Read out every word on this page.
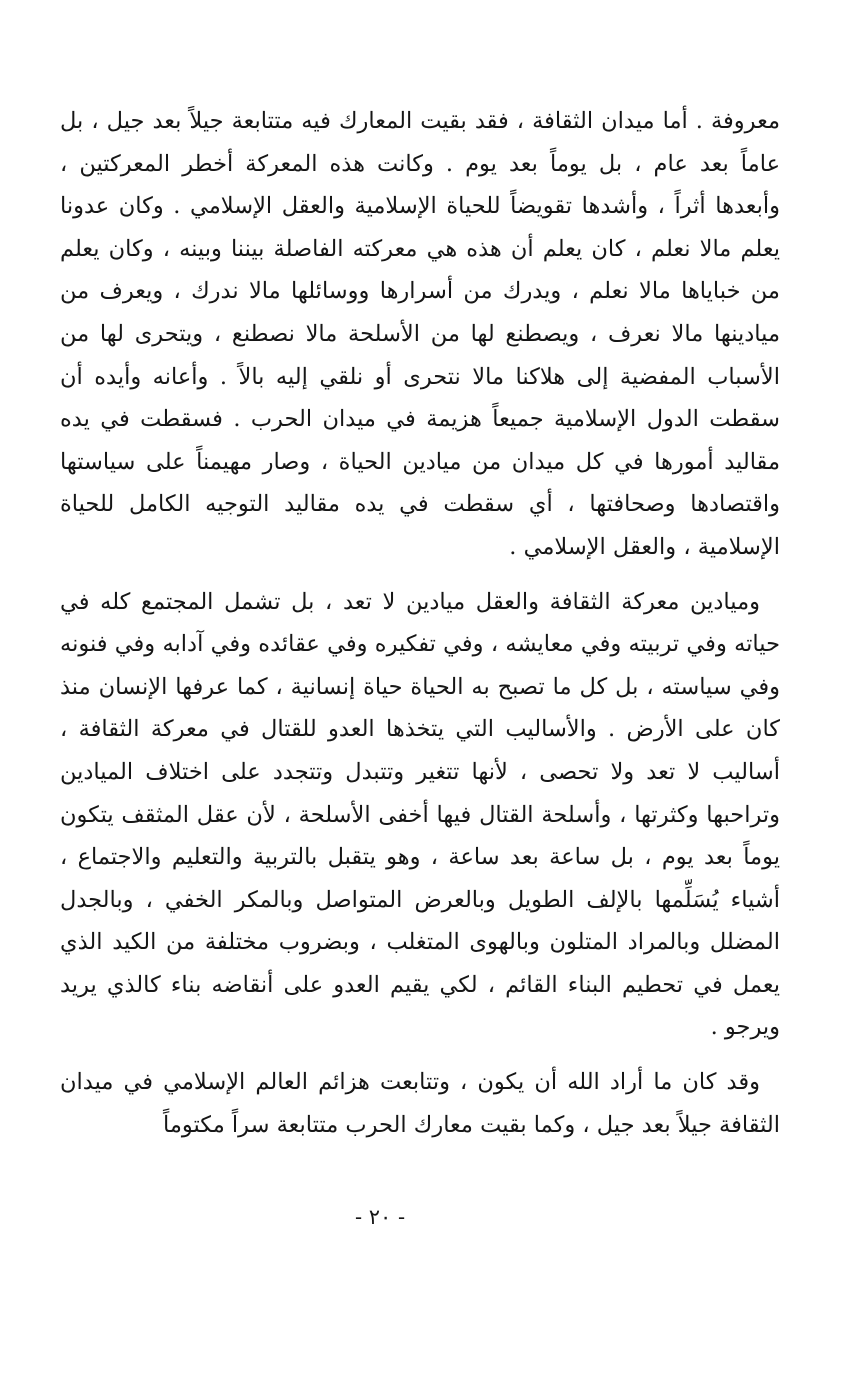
معروفة . أما ميدان الثقافة ، فقد بقيت المعارك فيه متتابعة جيلاً بعد جيل ، بل عاماً بعد عام ، بل يوماً بعد يوم . وكانت هذه المعركة أخطر المعركتين ، وأبعدها أثراً ، وأشدها تقويضاً للحياة الإسلامية والعقل الإسلامي . وكان عدونا يعلم مالا نعلم ، كان يعلم أن هذه هي معركته الفاصلة بيننا وبينه ، وكان يعلم من خباياها مالا نعلم ، ويدرك من أسرارها ووسائلها مالا ندرك ، ويعرف من ميادينها مالا نعرف ، ويصطنع لها من الأسلحة مالا نصطنع ، ويتحرى لها من الأسباب المفضية إلى هلاكنا مالا نتحرى أو نلقي إليه بالاً . وأعانه وأيده أن سقطت الدول الإسلامية جميعاً هزيمة في ميدان الحرب . فسقطت في يده مقاليد أمورها في كل ميدان من ميادين الحياة ، وصار مهيمناً على سياستها واقتصادها وصحافتها ، أي سقطت في يده مقاليد التوجيه الكامل للحياة الإسلامية ، والعقل الإسلامي .

وميادين معركة الثقافة والعقل ميادين لا تعد ، بل تشمل المجتمع كله في حياته وفي تربيته وفي معايشه ، وفي تفكيره وفي عقائده وفي آدابه وفي فنونه وفي سياسته ، بل كل ما تصبح به الحياة حياة إنسانية ، كما عرفها الإنسان منذ كان على الأرض . والأساليب التي يتخذها العدو للقتال في معركة الثقافة ، أساليب لا تعد ولا تحصى ، لأنها تتغير وتتبدل وتتجدد على اختلاف الميادين وتراحبها وكثرتها ، وأسلحة القتال فيها أخفى الأسلحة ، لأن عقل المثقف يتكون يوماً بعد يوم ، بل ساعة بعد ساعة ، وهو يتقبل بالتربية والتعليم والاجتماع ، أشياء يُسَلِّمها بالإلف الطويل وبالعرض المتواصل وبالمكر الخفي ، وبالجدل المضلل وبالمراد المتلون وبالهوى المتغلب ، وبضروب مختلفة من الكيد الذي يعمل في تحطيم البناء القائم ، لكي يقيم العدو على أنقاضه بناء كالذي يريد ويرجو .

وقد كان ما أراد الله أن يكون ، وتتابعت هزائم العالم الإسلامي في ميدان الثقافة جيلاً بعد جيل ، وكما بقيت معارك الحرب متتابعة سراً مكتوماً

- ٢٠ -
